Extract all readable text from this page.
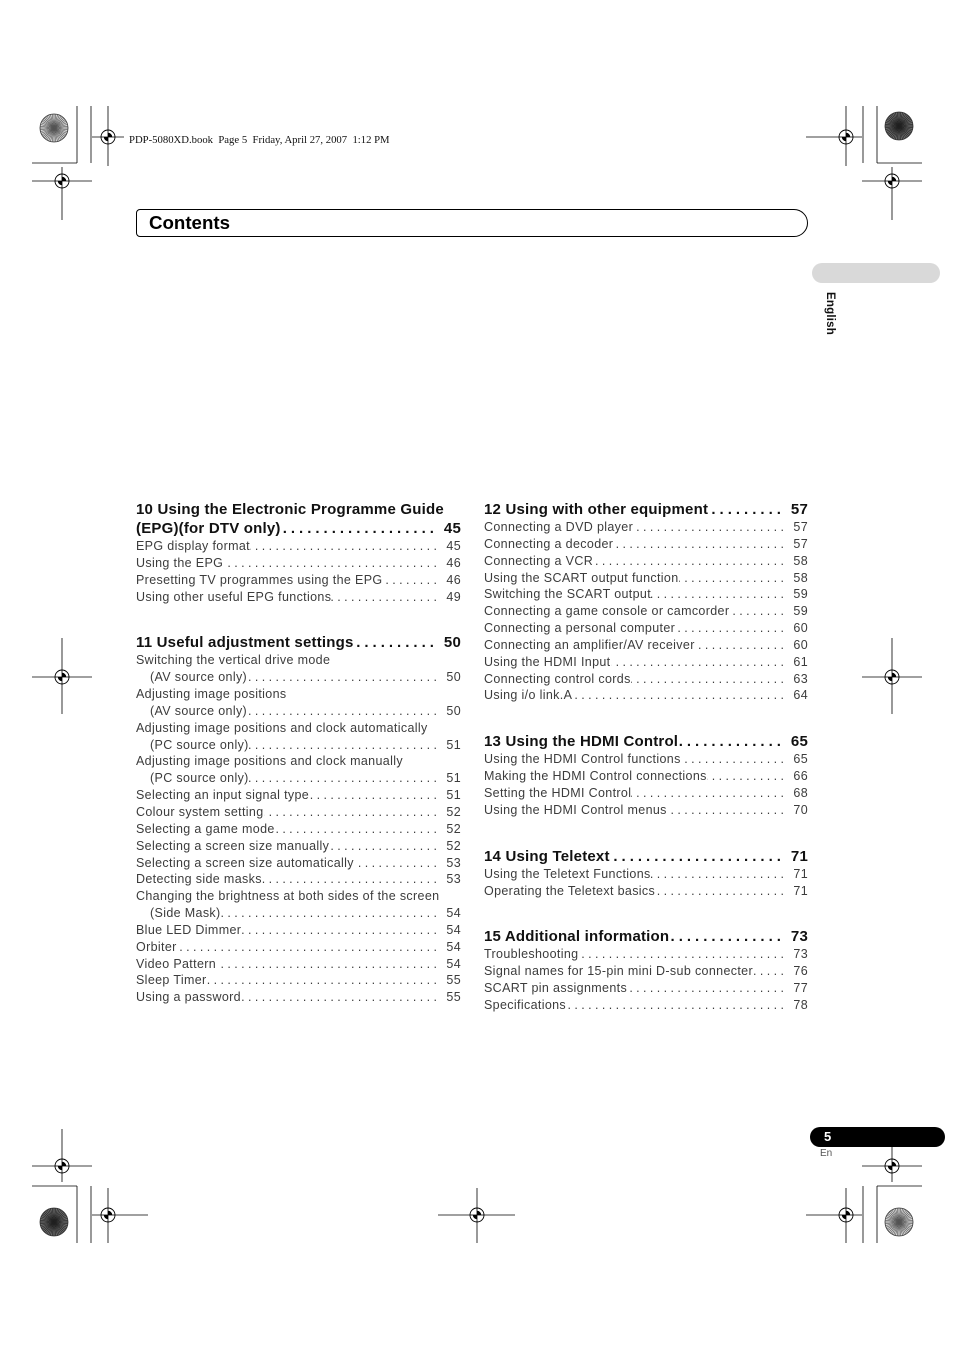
PDP-5080XD.book  Page 5  Friday, April 27, 2007  1:12 PM
Contents
English
10 Using the Electronic Programme Guide
(EPG)(for DTV only) .....	45
EPG display format .....	45
Using the EPG .....	46
Presetting TV programmes using the EPG .....	46
Using other useful EPG functions .....	49
11 Useful adjustment settings .....	50
Switching the vertical drive mode
(AV source only) .....	50
Adjusting image positions
(AV source only) .....	50
Adjusting image positions and clock automatically
(PC source only) .....	51
Adjusting image positions and clock manually
(PC source only) .....	51
Selecting an input signal type .....	51
Colour system setting .....	52
Selecting a game mode .....	52
Selecting a screen size manually .....	52
Selecting a screen size automatically .....	53
Detecting side masks .....	53
Changing the brightness at both sides of the screen
(Side Mask) .....	54
Blue LED Dimmer .....	54
Orbiter .....	54
Video Pattern .....	54
Sleep Timer .....	55
Using a password .....	55
12 Using with other equipment .....	57
Connecting a DVD player .....	57
Connecting a decoder .....	57
Connecting a VCR .....	58
Using the SCART output function .....	58
Switching the SCART output .....	59
Connecting a game console or camcorder .....	59
Connecting a personal computer .....	60
Connecting an amplifier/AV receiver .....	60
Using the HDMI Input .....	61
Connecting control cords .....	63
Using i/o link.A .....	64
13 Using the HDMI Control .....	65
Using the HDMI Control functions .....	65
Making the HDMI Control connections .....	66
Setting the HDMI Control .....	68
Using the HDMI Control menus .....	70
14 Using Teletext .....	71
Using the Teletext Functions .....	71
Operating the Teletext basics .....	71
15 Additional information .....	73
Troubleshooting .....	73
Signal names for 15-pin mini D-sub connecter .....	76
SCART pin assignments .....	77
Specifications .....	78
5
En
